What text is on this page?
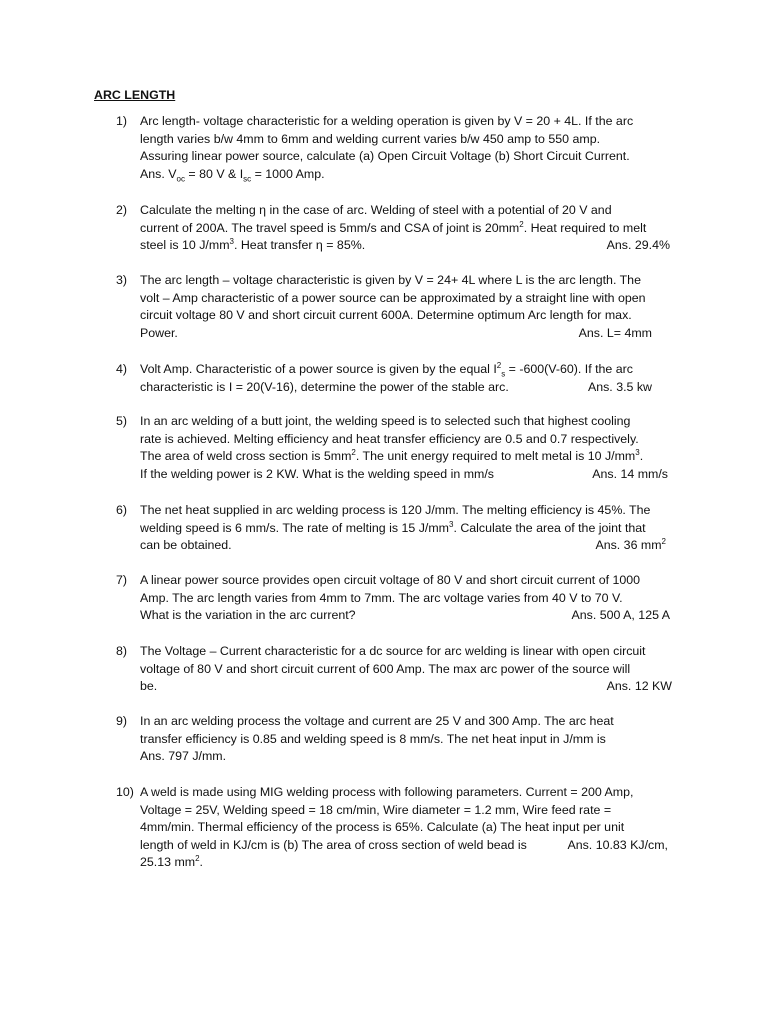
ARC LENGTH
1) Arc length- voltage characteristic for a welding operation is given by V = 20 + 4L. If the arc
length varies b/w 4mm to 6mm and welding current varies b/w 450 amp to 550 amp.
Assuring linear power source, calculate (a) Open Circuit Voltage (b) Short Circuit Current.
Ans. $V_{oc} = 80$ V & $I_{sc} = 1000$ Amp.
2) Calculate the melting η in the case of arc. Welding of steel with a potential of 20 V and
current of 200A. The travel speed is 5mm/s and CSA of joint is $20mm^2$. Heat required to melt
steel is 10 $J/mm^3$. Heat transfer η = 85%.	Ans. 29.4%
3) The arc length – voltage characteristic is given by V = 24+ 4L where L is the arc length. The
volt – Amp characteristic of a power source can be approximated by a straight line with open
circuit voltage 80 V and short circuit current 600A. Determine optimum Arc length for max.
Power.	Ans. L= 4mm
4) Volt Amp. Characteristic of a power source is given by the equal $I^2_s = -600(V-60)$. If the arc
characteristic is I = 20(V-16), determine the power of the stable arc.	Ans. 3.5 kw
5) In an arc welding of a butt joint, the welding speed is to selected such that highest cooling
rate is achieved. Melting efficiency and heat transfer efficiency are 0.5 and 0.7 respectively.
The area of weld cross section is $5mm^2$. The unit energy required to melt metal is 10 $J/mm^3$.
If the welding power is 2 KW. What is the welding speed in mm/s	Ans. 14 mm/s
6) The net heat supplied in arc welding process is 120 J/mm. The melting efficiency is 45%. The
welding speed is 6 mm/s. The rate of melting is 15 $J/mm^3$. Calculate the area of the joint that
can be obtained.	Ans. 36 $mm^2$
7) A linear power source provides open circuit voltage of 80 V and short circuit current of 1000
Amp. The arc length varies from 4mm to 7mm. The arc voltage varies from 40 V to 70 V.
What is the variation in the arc current?	Ans. 500 A, 125 A
8) The Voltage – Current characteristic for a dc source for arc welding is linear with open circuit
voltage of 80 V and short circuit current of 600 Amp. The max arc power of the source will
be.	Ans. 12 KW
9) In an arc welding process the voltage and current are 25 V and 300 Amp. The arc heat
transfer efficiency is 0.85 and welding speed is 8 mm/s. The net heat input in J/mm is
Ans. 797 J/mm.
10) A weld is made using MIG welding process with following parameters. Current = 200 Amp,
Voltage = 25V, Welding speed = 18 cm/min, Wire diameter = 1.2 mm, Wire feed rate =
4mm/min. Thermal efficiency of the process is 65%. Calculate (a) The heat input per unit
length of weld in KJ/cm is (b) The area of cross section of weld bead is	Ans. 10.83 KJ/cm,
25.13 $mm^2$.
